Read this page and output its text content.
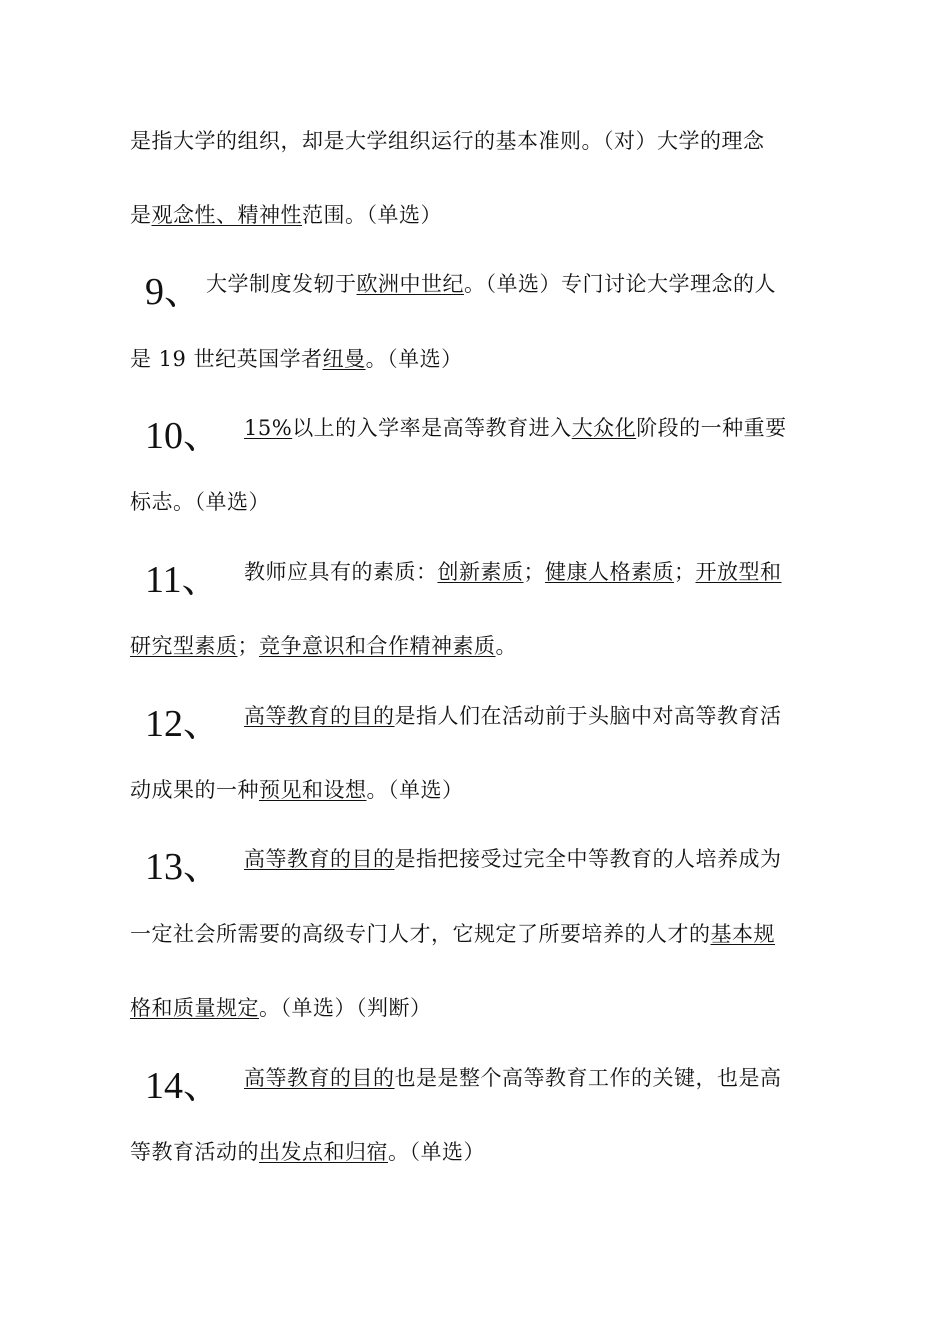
是指大学的组织，却是大学组织运行的基本准则。（对）大学的理念
是观念性、精神性范围。（单选）
9、 大学制度发轫于欧洲中世纪。（单选）专门讨论大学理念的人
是 19 世纪英国学者纽曼。（单选）
10、 15%以上的入学率是高等教育进入大众化阶段的一种重要
标志。（单选）
11、 教师应具有的素质：创新素质；健康人格素质；开放型和
研究型素质；竞争意识和合作精神素质。
12、 高等教育的目的是指人们在活动前于头脑中对高等教育活
动成果的一种预见和设想。（单选）
13、 高等教育的目的是指把接受过完全中等教育的人培养成为
一定社会所需要的高级专门人才，它规定了所要培养的人才的基本规
格和质量规定。（单选）（判断）
14、 高等教育的目的也是是整个高等教育工作的关键，也是高
等教育活动的出发点和归宿。（单选）
